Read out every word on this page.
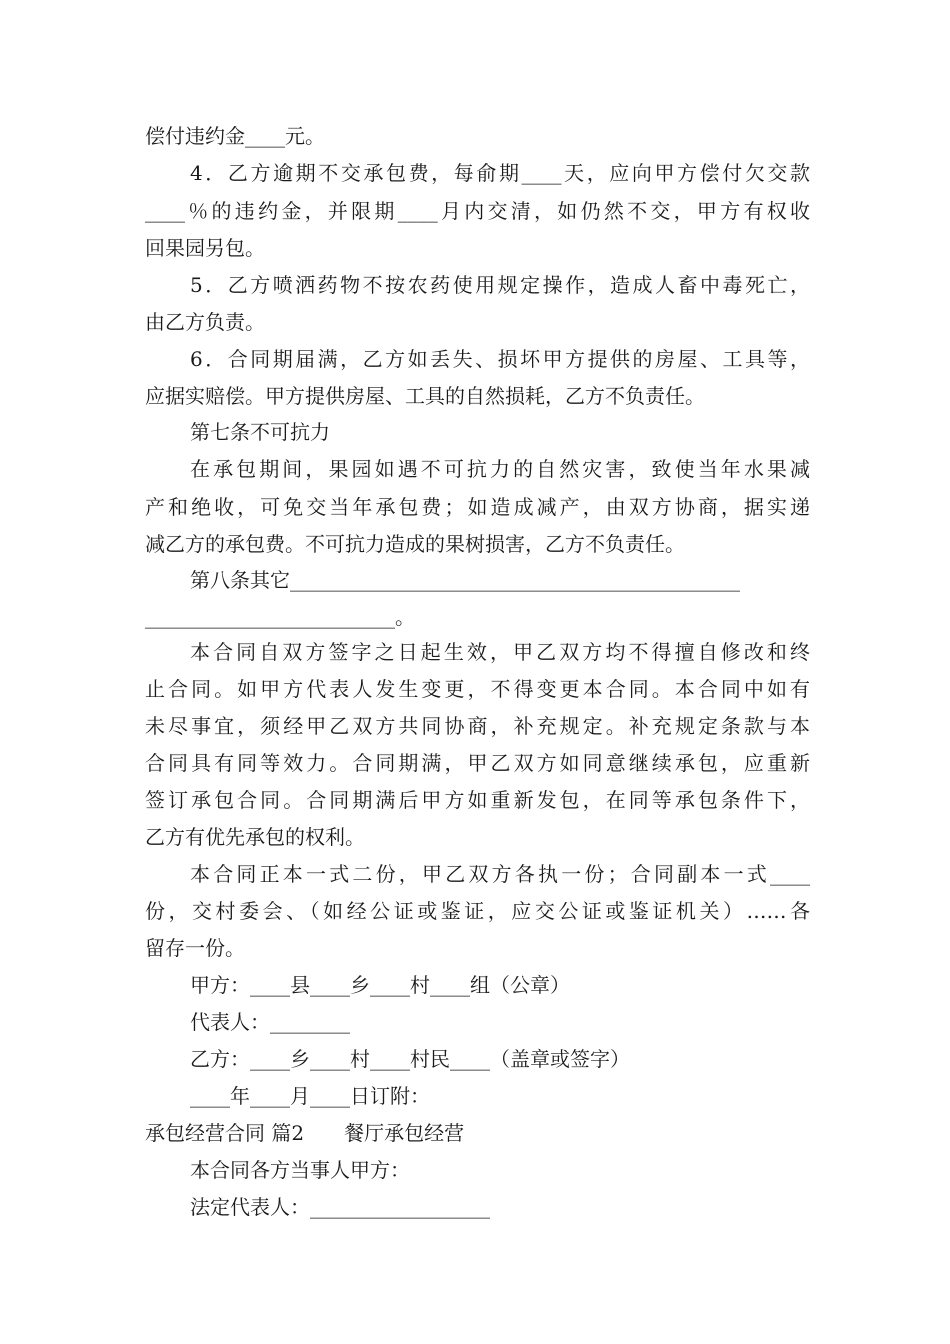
偿付违约金____元。
4．乙方逾期不交承包费，每俞期____天，应向甲方偿付欠交款
____％的违约金，并限期____月内交清，如仍然不交，甲方有权收
回果园另包。
5．乙方喷洒药物不按农药使用规定操作，造成人畜中毒死亡，
由乙方负责。
6．合同期届满，乙方如丢失、损坏甲方提供的房屋、工具等，
应据实赔偿。甲方提供房屋、工具的自然损耗，乙方不负责任。
第七条不可抗力
在承包期间，果园如遇不可抗力的自然灾害，致使当年水果减
产和绝收，可免交当年承包费；如造成减产，由双方协商，据实递
减乙方的承包费。不可抗力造成的果树损害，乙方不负责任。
第八条其它_____________________________________________
_________________________。
本合同自双方签字之日起生效，甲乙双方均不得擅自修改和终
止合同。如甲方代表人发生变更，不得变更本合同。本合同中如有
未尽事宜，须经甲乙双方共同协商，补充规定。补充规定条款与本
合同具有同等效力。合同期满，甲乙双方如同意继续承包，应重新
签订承包合同。合同期满后甲方如重新发包，在同等承包条件下，
乙方有优先承包的权利。
本合同正本一式二份，甲乙双方各执一份；合同副本一式____
份，交村委会、（如经公证或鉴证，应交公证或鉴证机关）……各
留存一份。
甲方：____县____乡____村____组（公章）
代表人：________
乙方：____乡____村____村民____（盖章或签字）
____年____月____日订附：
承包经营合同 篇2　　餐厅承包经营
本合同各方当事人甲方：
法定代表人：__________________
